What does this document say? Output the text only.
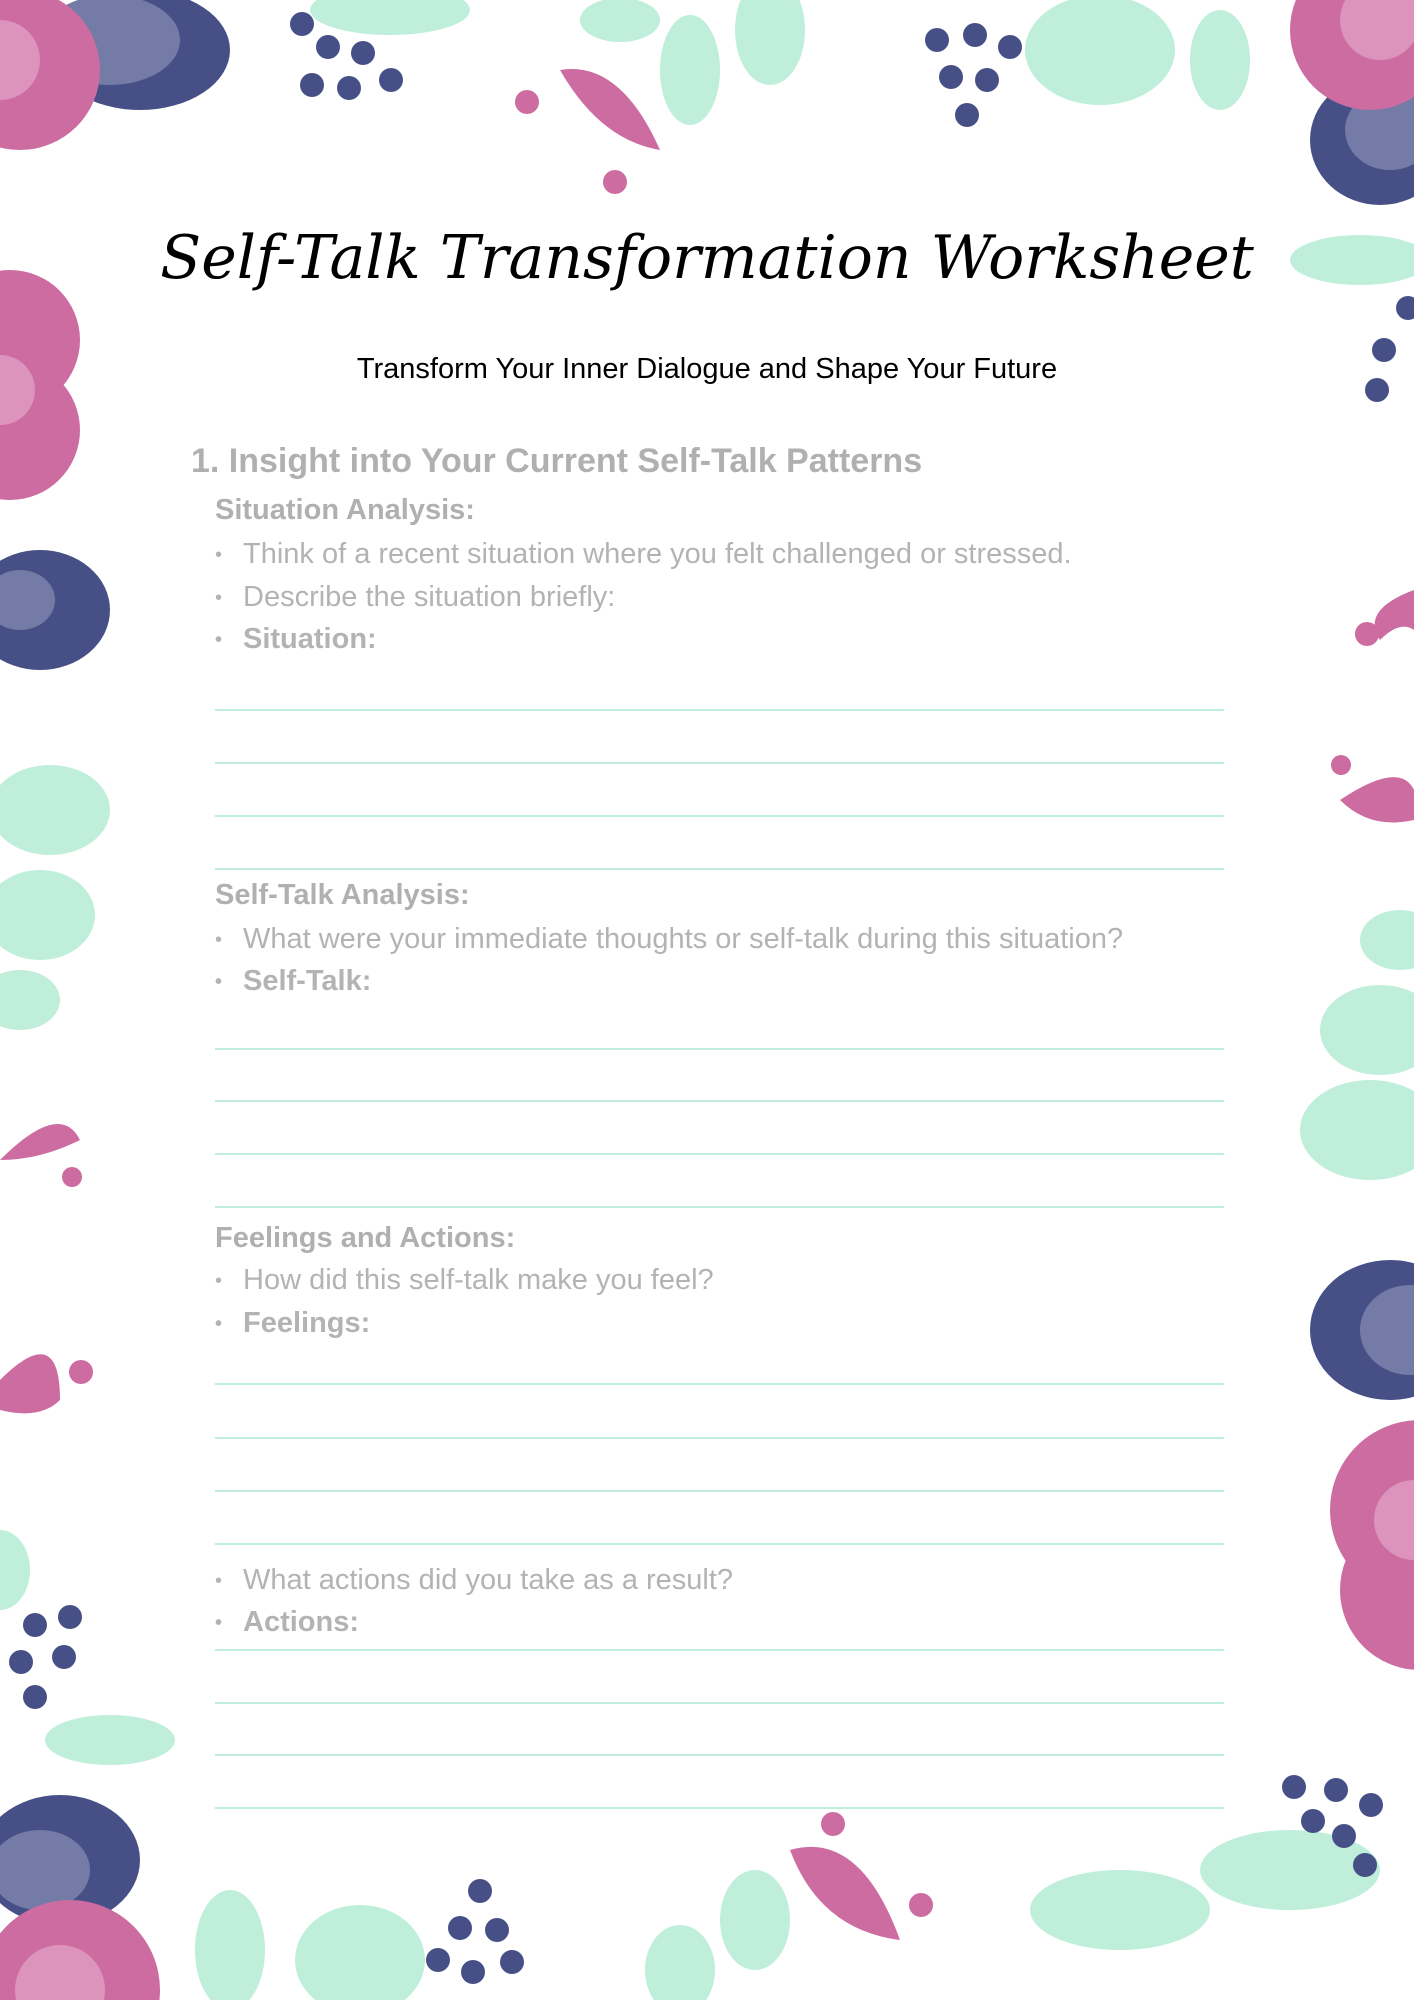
Self-Talk Transformation Worksheet
Transform Your Inner Dialogue and Shape Your Future
1. Insight into Your Current Self-Talk Patterns
Situation Analysis:
• Think of a recent situation where you felt challenged or stressed.
• Describe the situation briefly:
• Situation:
Self-Talk Analysis:
• What were your immediate thoughts or self-talk during this situation?
• Self-Talk:
Feelings and Actions:
• How did this self-talk make you feel?
• Feelings:
• What actions did you take as a result?
• Actions:
